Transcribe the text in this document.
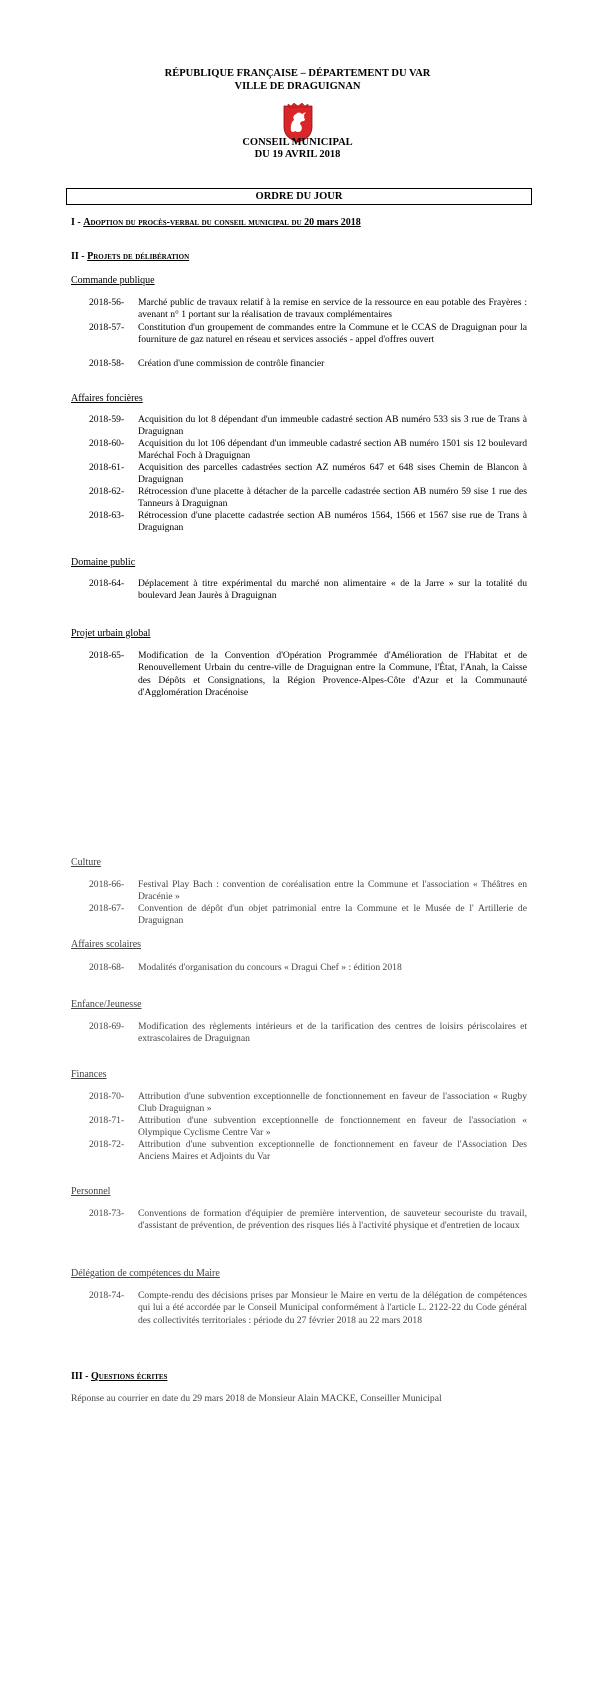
RÉPUBLIQUE FRANÇAISE – DÉPARTEMENT DU VAR
VILLE DE DRAGUIGNAN
CONSEIL MUNICIPAL
DU 19 AVRIL 2018
ORDRE DU JOUR
I - Adoption du procès-verbal du conseil municipal du 20 mars 2018
II - Projets de délibération
Commande publique
2018-56-	Marché public de travaux relatif à la remise en service de la ressource en eau potable des Frayères : avenant n° 1 portant sur la réalisation de travaux complémentaires
2018-57-	Constitution d'un groupement de commandes entre la Commune et le CCAS de Draguignan pour la fourniture de gaz naturel en réseau et services associés - appel d'offres ouvert
2018-58-	Création d'une commission de contrôle financier
Affaires foncières
2018-59-	Acquisition du lot 8 dépendant d'un immeuble cadastré section AB numéro 533 sis 3 rue de Trans à Draguignan
2018-60-	Acquisition du lot 106 dépendant d'un immeuble cadastré section AB numéro 1501 sis 12 boulevard Maréchal Foch à Draguignan
2018-61-	Acquisition des parcelles cadastrées section AZ numéros 647 et 648 sises Chemin de Blancon à Draguignan
2018-62-	Rétrocession d'une placette à détacher de la parcelle cadastrée section AB numéro 59 sise 1 rue des Tanneurs à Draguignan
2018-63-	Rétrocession d'une placette cadastrée section AB numéros 1564, 1566 et 1567 sise rue de Trans à Draguignan
Domaine public
2018-64-	Déplacement à titre expérimental du marché non alimentaire « de la Jarre » sur la totalité du boulevard Jean Jaurès à Draguignan
Projet urbain global
2018-65-	Modification de la Convention d'Opération Programmée d'Amélioration de l'Habitat et de Renouvellement Urbain du centre-ville de Draguignan entre la Commune, l'État, l'Anah, la Caisse des Dépôts et Consignations, la Région Provence-Alpes-Côte d'Azur et la Communauté d'Agglomération Dracénoise
Culture
2018-66-	Festival Play Bach : convention de coréalisation entre la Commune et l'association « Théâtres en Dracénie »
2018-67-	Convention de dépôt d'un objet patrimonial entre la Commune et le Musée de l' Artillerie de Draguignan
Affaires scolaires
2018-68-	Modalités d'organisation du concours « Dragui Chef » : édition 2018
Enfance/Jeunesse
2018-69-	Modification des règlements intérieurs et de la tarification des centres de loisirs périscolaires et extrascolaires de Draguignan
Finances
2018-70-	Attribution d'une subvention exceptionnelle de fonctionnement en faveur de l'association « Rugby Club Draguignan »
2018-71-	Attribution d'une subvention exceptionnelle de fonctionnement en faveur de l'association « Olympique Cyclisme Centre Var »
2018-72-	Attribution d'une subvention exceptionnelle de fonctionnement en faveur de l'Association Des Anciens Maires et Adjoints du Var
Personnel
2018-73-	Conventions de formation d'équipier de première intervention, de sauveteur secouriste du travail, d'assistant de prévention, de prévention des risques liés à l'activité physique et d'entretien de locaux
Délégation de compétences du Maire
2018-74-	Compte-rendu des décisions prises par Monsieur le Maire en vertu de la délégation de compétences qui lui a été accordée par le Conseil Municipal conformément à l'article L. 2122-22 du Code général des collectivités territoriales : période du 27 février 2018 au 22 mars 2018
III - Questions écrites
Réponse au courrier en date du 29 mars 2018 de Monsieur Alain MACKE, Conseiller Municipal
